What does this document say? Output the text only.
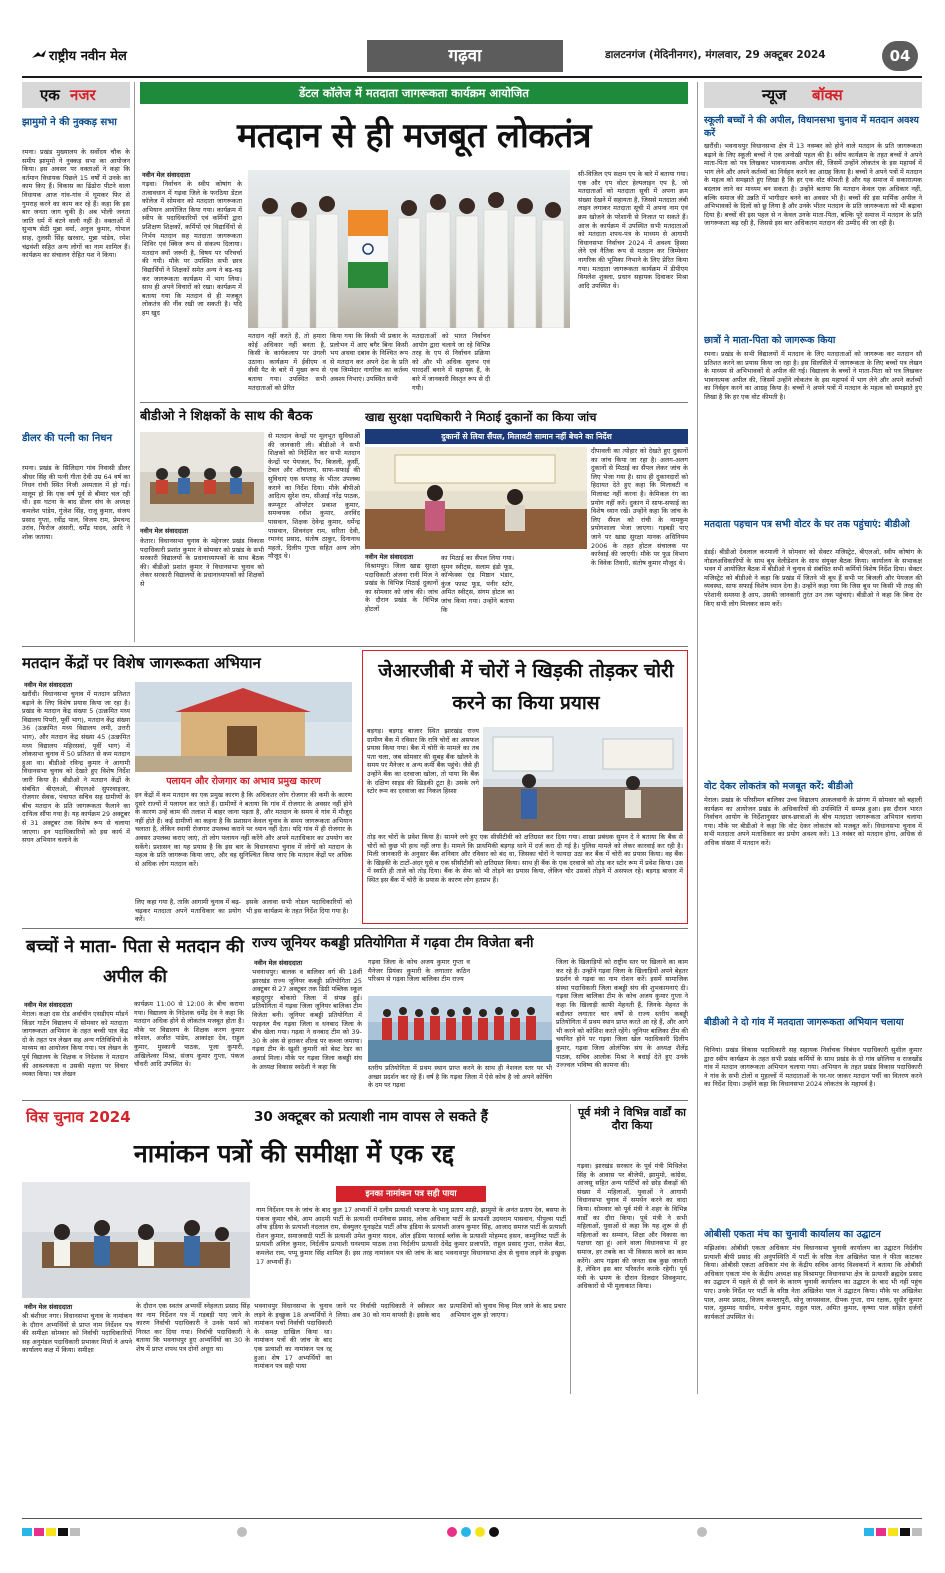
राष्ट्रीय नवीन मेल	गढ़वा	डालटनगंज (मेदिनीनगर), मंगलवार, 29 अक्टूबर 2024	04
एक नजर
झामुमो ने की नुक्कड़ सभा
रमना। प्रखंड मुख्यालय के सर्वोदय चौक के समीप झामुमो ने नुक्कड़ सभा का आयोजन किया। इस अवसर पर वक्ताओं ने कहा कि वर्तमान विधायक पिछले 15 वर्षों में उनके का काम किए हैं। विकास का ढिंढोरा पीटने वाला विधायक आज गांव-गांव में घूमकर फिर से गुमराह करने का काम कर रहे हैं। कहा कि इस बार जनता जाग चुकी है। अब भोली जनता जाति धर्म में बंटने वाली नहीं है। वक्ताओं में सुभाष सेठी मुन्ना वर्मा, अनुज कुमार, गोपाल साह, तुलसी सिंह खरवार, मुन्ना पांडेय, रमेश चंद्रवंशी सहित अन्य लोगों का नाम शामिल हैं। कार्यक्रम का संचालन रोहित यश ने किया।
डीलर की पत्नी का निधन
रमना। प्रखंड के सिलिदाग गांव निवासी डीलर श्रीधर सिंह की पत्नी गीता देवी उम्र 64 वर्ष का निधन रांची स्थित निजी अस्पताल में हो गई। मालूम हो कि एक वर्ष पूर्व से बीमार चल रही थी। इस घटना के बाद डीलर संघ के अध्यक्ष कमलेश पांडेय, गुंजेश सिंह, राजू कुमार, संजय प्रसाद गुप्ता, रवींद्र पाल, विजय राम, प्रेमचन्द उरांव, फिरोज अंसारी, धर्मेंद्र यादव, आदि ने शोक जताया।
डेंटल कॉलेज में मतदाता जागरूकता कार्यक्रम आयोजित
मतदान से ही मजबूत लोकतंत्र
नवीन मेल संवाददाता
गढ़वा। निर्वाचन के स्वीप कोषांग के तत्वावधान में गढ़वा जिले के फरठिया डेंटल कॉलेज में सोमवार को मतदाता जागरूकता अभियान आयोजित किया गया। कार्यक्रम में स्वीप के पदाधिकारियों एवं कर्मियों द्वारा प्रशिक्षण शिक्षकों, कर्मियों एवं विद्यार्थियों से निर्भय मतदान सह मतदाता जागरूकता शिविर एवं क्विज रूप से संकल्प दिलाया। मतदान क्यों जरूरी है, विषय पर परिचर्चा की गयी। मौके पर उपस्थित सभी छात्र विद्यार्थियों ने शिक्षकों समेत अन्य ने बढ़-चढ़ कर जागरूकता कार्यक्रम में भाग लिया। साथ ही अपने विचारों को रखा। कार्यक्रम में बताया गया कि मतदान से ही मजबूत लोकतंत्र की नींव रखी जा सकती है। यदि हम खुद
मतदान नहीं करते हैं, तो हमारा कोई अधिकार नहीं बनता है, किसी के कार्यकलाप पर उंगली उठाना। कार्यक्रम में ईवीएम व वीवी पैट के बारे में मुख्य रूप से बताया गया। उपस्थित सभी मतदाताओं को प्रेरित
किया गया कि किसी भी प्रकार के प्रलोभन में आए बगैर बिना किसी भय अथवा दबाव के निश्चित रूप से मतदान कर अपने देश के प्रति एक जिम्मेदार नागरिक का कर्तव्य अवश्य निभाएं। उपस्थित सभी
मतदाताओं को भारत निर्वाचन आयोग द्वारा चलाये जा रहे विभिन्न तरह के एप से निर्वाचन प्रक्रिया को और भी अधिक सुलभ एवं पारदर्शी बनाने में सहायक हैं, के बारे में जानकारी विस्तृत रूप से दी गयी।
सी-विजिल एप सक्षम एप के बारे में बताया गया। एक और एप वोटर हेल्पलाइन एप है, जो मतदाताओं को मतदाता सूची में अपना क्रम संख्या देखने में सहायता है, जिससे मतदाता लंबी लाइन लगाकर मतदाता सूची में अपना नाम एवं क्रम खोजने के परेशानी से निजात पा सकते हैं। आज के कार्यक्रम में उपस्थित सभी मतदाताओं को मतदाता शपथ-पत्र के माध्यम से आगामी विधानसभा निर्वाचन 2024 में अवश्य हिस्सा लेने एवं नैतिक रूप से मतदान कर जिम्मेवार नागरिक की भूमिका निभाने के लिए प्रेरित किया गया। मतदाता जागरूकता कार्यक्रम में डीपीएम विमलेश शुक्ला, प्रधान सहायक दिवाकर मिश्रा आदि उपस्थित थे।
बीडीओ ने शिक्षकों के साथ की बैठक
नवीन मेल संवाददाता
केतार। विधानसभा चुनाव के मद्देनजर प्रखंड विकास पदाधिकारी प्रशांत कुमार ने सोमवार को प्रखंड के सभी सरकारी विद्यालयों के प्रधानाध्यापकों के साथ बैठक की। बीडीओ प्रशांत कुमार ने विधानसभा चुनाव को लेकर सरकारी विद्यालयों के प्रधानाध्यापकों को शिक्षकों से
से मतदान केन्द्रों पर मूलभूत सुविधाओं की जानकारी ली। बीडीओ ने सभी शिक्षकों को निर्देशित कर सभी मतदान केन्द्रों पर पेयजल, रैंप, बिजली, कुर्सी, टेबल और शौचालय, साफ-सफाई की सुविधाएं एक सप्ताह के भीतर उपलब्ध कराने का निर्देश दिया। मौके बीपीओ आदित्य सुरेश राम, सीआई नरेंद्र पाठक, कम्प्यूटर ऑपरेटर प्रकाश कुमार, समन्वयक रवीश कुमार, अरविंद पासवान, शिक्षक देवेन्द्र कुमार, धर्मेन्द्र पासवान, शिवनंदन राम, सरिता देवी, रमानंद प्रसाद, संतोष ठाकुर, दिनानाथ महतो, दिलीप गुप्ता सहित अन्य लोग मौजूद थे।
खाद्य सुरक्षा पदाधिकारी ने मिठाई दुकानों का किया जांच
दुकानों से लिया सैंपल, मिलावटी सामान नहीं बेचने का निर्देश
नवीन मेल संवाददाता
विश्रामपुर। जिला खाद्य सुरक्षा पदाधिकारी अंजना रानी मिंज ने प्रखंड के विभिन्न मिठाई दुकानों का सोमवार को जांच की। जांच के दौरान प्रखंड के विभिन्न होटलों
का मिठाई का सैंपल लिया गया। सुमन स्वीट्स, सलाम इंडो फूड, कॉन्फेक्स एंड मिष्ठान भंडार, कुंज फास्ट फूड, पनीर स्टोर, अमित स्वीट्स, संगम होटल का जांच किया गया। उन्होंने बताया कि
दीपावली का त्योहार को देखते हुए दुकानों का जांच किया जा रहा है। अलग-अलग दुकानों से मिठाई का सैंपल लेकर जांच के लिए भेजा गया है। साथ ही दुकानदारों को हिदायत देते हुए कहा कि मिलावटी व मिलावट नहीं करना है। केमिकल रंग का प्रयोग नहीं करें। दुकान में साफ-सफाई का विशेष ध्यान रखें। उन्होंने कहा कि जांच के लिए सैंपल को रांची के नामकुम प्रयोगशाला भेजा जाएगा। गड़बड़ी पाए जाने पर खाद्य सुरक्षा मानक अधिनियम 2006 के तहत होटल संचालक पर कार्रवाई की जाएगी। मौके पर फूड विभाग के विवेक तिवारी, संतोष कुमार मौजूद थे।
मतदान केंद्रों पर विशेष जागरूकता अभियान
नवीन मेल संवाददाता
खरौंधी। विधानसभा चुनाव में मतदान प्रतिशत बढ़ाने के लिए विशेष प्रयास किया जा रहा है। प्रखंड के मतदान केंद्र संख्या 5 (उत्क्रमित मध्य विद्यालय पिपरी, पूर्वी भाग), मतदान केंद्र संख्या 36 (उत्क्रमित मध्य विद्यालय लमी, उत्तरी भाग), और मतदान केंद्र संख्या 45 (उत्क्रमित मध्य विद्यालय महिरसवां, पूर्वी भाग) में लोकसभा चुनाव में 50 प्रतिशत से कम मतदान हुआ था। बीडीओ रविन्द्र कुमार ने आगामी विधानसभा चुनाव को देखते हुए विशेष निर्देश जारी किया है। बीडीओ ने मतदान केंद्रों के संबंधित बीएलओ, बीएलओ सुपरवाइजर, रोजगार सेवक, पंचायत सचिव सह ग्रामीणों के बीच मतदान के प्रति जागरूकता फैलाने का दायित्व सौंपा गया है। यह कार्यक्रम 29 अक्टूबर से 31 अक्टूबर तक विशेष रूप से चलाया जाएगा। इन पदाधिकारियों को इस कार्य में सघन अभियान चलाने के
पलायन और रोजगार का अभाव प्रमुख कारण
इन केंद्रों में कम मतदान का एक प्रमुख कारण है कि अधिकतर लोग रोजगार की कमी के कारण दूसरे राज्यों में पलायन कर जाते हैं। ग्रामीणों ने बताया कि गांव में रोजगार के अवसर नहीं होने के कारण उन्हें काम की तलाश में बाहर जाना पड़ता है, और मतदान के समय वे गांव में मौजूद नहीं होते हैं। कई ग्रामीणों का कहना है कि प्रशासन केवल चुनाव के समय जागरूकता अभियान चलाता है, लेकिन स्थायी रोजगार उपलब्ध कराने पर ध्यान नहीं देता। यदि गांव में ही रोजगार के अवसर उपलब्ध कराए जाएं, तो लोग पलायन नहीं करेंगे और अपने मताधिकार का उपयोग कर सकेंगे। प्रशासन का यह प्रयास है कि इस बार के विधानसभा चुनाव में लोगों को मतदान के महत्व के प्रति जागरूक किया जाए, और वह सुनिश्चित किया जाए कि मतदान केंद्रों पर अधिक से अधिक लोग मतदान करें।
लिए कहा गया है, ताकि आगामी चुनाव में बढ़-चढ़कर मतदाता अपने मताधिकार का प्रयोग करें।
इसके अलावा सभी नोडल पदाधिकारियों को भी इस कार्यक्रम के तहत निर्देश दिया गया है।
जेआरजीबी में चोरों ने खिड़की तोड़कर चोरी करने का किया प्रयास
बड़गड़। बड़गड़ बाजार स्थित झारखंड राज्य ग्रामीण बैंक में रविवार कि रात्रि चोरों का असफल प्रयास किया गया। बैंक में चोरी के मामले का तब पता चला, जब सोमवार की सुबह बैंक खोलने के समय पर मैनेजर व अन्य कर्मी बैंक पहुंचे। जैसे ही उन्होंने बैंक का दरवाजा खोला, तो पाया कि बैंक के दक्षिण साइड की खिड़की टूटा है। उसके लगे स्टोर रूम का दरवाजा का निकल हिस्सा
तोड़ कर चोरों के प्रवेश किया है। सामने लगे हुए एक सीसीटीवी को क्षतिग्रस्त कर दिया गया। शाखा प्रबंधक सुमन दे ने बताया कि बैंक से चोरों को कुछ भी हाथ नहीं लगा है। मामले कि प्राथमिकी बड़गड़ थाने में दर्ज करा दी गई है। पुलिस मामले को लेकर कारवाई कर रही है। मिली जानकारी के अनुसार बैंक शनिवार और रविवार को बंद था, जिसका चोरों ने फायदा उठा कर बैंक में चोरी का प्रयास किया। वह बैंक के खिड़की के टाटों-अंदर घुसे व एक सीसीटीवी को क्षतिग्रस्त किया। साथ ही बैंक के एक दरवाजे को तोड़ कर स्टोर रूम में प्रवेश किया। उस में स्वाति ही ताले को तोड़ दिया। बैंक के सेफ को भी तोड़ने का प्रयास किया, लेकिन चोर उसको तोड़ने में असफल रहे। बड़गड़ बाजार में स्थित इस बैंक में चोरी के प्रयास के कारण लोग हतप्रभ हैं।
बच्चों ने माता- पिता से मतदान की अपील की
नवीन मेल संवाददाता
मेराल। कक्षा दस रोड अर्वाचीन एसडीएम मॉडर्न किंडर गार्टेन विद्यालय में सोमवार को मतदाता जागरूकता अभियान के तहत बच्ची पात्र केंद्र दो के तहत पत्र लेखन सह अन्य गतिविधियों के माध्यम का आयोजन किया गया। पत्र लेखन के पूर्व विद्यालय के शिक्षक व निदेशक ने मतदान की आवश्यकता व उसकी महत्ता पर विचार व्यक्त किया। पत्र लेखन
कार्यक्रम 11:00 से 12:00 के बीच कराया गया। विद्यालय के निदेशक धर्मेंद्र देव ने कहा कि मतदान अधिक होने से लोकतंत्र मजबूत होता है। मौके पर विद्यालय के शिक्षक करण कुमार कोशल, अजीत पांडेय, आकांक्षा देव, राहुल कुमार, मुस्कानी पाठक, पूजा कुमारी, अखिलेश्वर मिश्रा, संजय कुमार गुप्ता, पंकज चौधरी आदि उपस्थित थे।
राज्य जूनियर कबड्डी प्रतियोगिता में गढ़वा टीम विजेता बनी
नवीन मेल संवाददाता
भवनाथपुर। बालक व बालिका वर्ग की 18वीं झारखंड राज्य जूनियर कबड्डी प्रतियोगिता 25 अक्टूबर से 27 अक्टूबर तक डिग्री पब्लिक स्कूल बहादुरपुर बोकारो जिला में संपन्न हुई। प्रतियोगिता में गढ़वा जिला जूनियर बालिका टीम विजेता बनी। जूनियर कबड्डी प्रतियोगिता में फाइनल मैच गढ़वा जिला व धनबाद जिला के बीच खेला गया। गढ़वा ने धनबाद टीम को 39-30 के अंक से हराकर शील्ड पर कब्जा जमाया। गढ़वा टीम के खुशी कुमारी को बेस्ट रेडर का अवार्ड मिला। मौके पर गढ़वा जिला कबड्डी संघ के अध्यक्ष विकास स्वदेशी ने कहा कि
गढ़वा जिला के कोच अजय कुमार गुप्ता व मैनेजर प्रियंका कुमारी के लगातार कठिन परिश्रम से गढ़वा जिला बालिका टीम राज्य
स्तरीय प्रतियोगिता में प्रथम स्थान प्राप्त करने के साथ ही नेशनल स्तर पर भी अच्छा प्रदर्शन कर रहे हैं। वर्ष है कि गढ़वा जिला में ऐसे कोच है जो अपने कोचिंग के दम पर गढ़वा
जिला के खिलाड़ियों को राष्ट्रीय स्तर पर खिलाने का काम कर रहे हैं। उन्होंने गढ़वा जिला के खिलाड़ियों अपने बेहतर प्रदर्शन से गढ़वा का नाम रोशन करें। इसमें सामाजिक संस्था पदाधिकारी जिला कबड्डी संघ की शुभकामनाएं दी। गढ़वा जिला बालिका टीम के कोच अजय कुमार गुप्ता ने कहा कि खिलाड़ी काफी मेहनती हैं, जिनके मेहनत के बदौलत लगातार चार वर्षों से राज्य स्तरीय कबड्डी प्रतियोगिता में प्रथम स्थान प्राप्त करते आ रहे हैं, और आगे भी करने को कोशिश करते रहेंगे। जूनियर बालिका टीम की चयनित होने पर गढ़वा जिला खेल पदाधिकारी दिलीप कुमार, गढ़वा जिला ओलंपिक संघ के अध्यक्ष शैलेंद्र पाठक, सचिव आलोक मिश्रा ने बधाई देते हुए उनके उज्ज्वल भविष्य की कामना की।
विस चुनाव 2024	30 अक्टूबर को प्रत्याशी नाम वापस ले सकते हैं
नामांकन पत्रों की समीक्षा में एक रद्द
नवीन मेल संवाददाता
श्री बंशीधर नगर। विधानसभा चुनाव के नामांकन के दौरान अभ्यर्थियों से प्राप्त नाम निर्देशन पत्र की समीक्षा सोमवार को निर्वाची पदाधिकारियों सह अनुमंडल पदाधिकारी प्रभाकर मिर्धा ने अपने कार्यालय कक्ष में किया। समीक्षा
के दौरान एक स्वतंत्र अभ्यर्थी स्नेहलता प्रसाद सिंह का नाम निर्देशन पत्र में गड़बड़ी पाए जाने के कारण निर्वाची पदाधिकारी ने उनके फार्म को निरस्त कर दिया गया। निर्वाची पदाधिकारी ने बताया कि भवनाथपुर हुए अभ्यर्थियों का 30 के शेष में प्राप्त शपथ पत्र दोनों अधूरा था।
भवनाथपुर विधानसभा के चुनाव लड़ने के इच्छुक 18 अभ्यर्थियों ने नामांकन पर्चा निर्वाची पदाधिकारी के समक्ष दाखिल किया था। नामांकन पत्रों की जांच के बाद एक प्रत्याशी का नामांकन पत्र रद्द हुआ। शेष 17 अभ्यर्थियों का नामांकन पत्र सही पाया
इनका नामांकन पत्र सही पाया
नाम निर्देशन पत्र के जांच के बाद कुल 17 अभ्यर्थी में दलीय प्रत्याशी भाजपा के भानु प्रताप शाही, झामुमो के अनंत प्रताप देव, बसपा के पंकज कुमार चौबे, आम आदमी पार्टी के प्रत्याशी रामनिवास प्रसाद, लोक अधिकार पार्टी के प्रत्याशी उदयराम पासवान, पीपुल्स पार्टी ऑफ इंडिया के प्रत्याशी नंदलाल राम, सेक्युलर यूनाइटेड पार्टी ऑफ इंडिया के प्रत्याशी अजय कुमार सिंह, आजाद समाज पार्टी के प्रत्याशी रोशन कुमार, समाजवादी पार्टी के प्रत्याशी उमेश कुमार यादव, ऑल इंडिया फारवर्ड ब्लॉक के प्रत्याशी मोहम्मद हसन, कम्युनिस्ट पार्टी के प्रत्याशी अनिल कुमार, निर्दलीय प्रत्याशी घनश्याम पाठक तथा निर्दलीय प्रत्याशी देवेंद्र कुमार प्रजापति, राहुल प्रसाद गुप्ता, राजेश बैठा, कमलेश राम, पप्पू कुमार सिंह शामिल हैं। इस तरह नामांकन पत्र की जांच के बाद भवनाथपुर विधानसभा क्षेत्र से चुनाव लड़ने के इच्छुक 17 अभ्यर्थी हैं।
जाने पर निर्वाची पदाधिकारी ने स्वीकार कर लिया। अब 30 को नाम वापसी है। इसके बाद
प्रत्याशियों को चुनाव चिन्ह मिल जाने के बाद प्रचार अभियान शुरू हो जाएगा।
पूर्व मंत्री ने विभिन्न वार्डों का दौरा किया
गढ़वा। झारखंड सरकार के पूर्व मंत्री मिथिलेश सिंह के आवास पर बीजेपी, झामुमो, कांग्रेस, आजसू सहित अन्य पार्टियों को छोड़ सैकड़ों की संख्या में महिलाओं, युवाओं ने आगामी विधानसभा चुनाव में समर्थन करने का वादा किया। सोमवार को पूर्व मंत्री ने शहर के विभिन्न वार्डों का दौरा किया। पूर्व मंत्री ने सभी महिलाओं, युवाओं से कहा कि यह शुरू से ही महिलाओं का सम्मान, शिक्षा और विकास का पक्षधर रहा हूं। आने वाला विधानसभा में हर समाज, हर तबके का भी विकास करने का काम करेंगे। आप गढ़वा की जनता सब कुछ जानती है, लेकिन इस बार परिवर्तन करके रहेगी। पूर्व मंत्री के भ्रमण के दौरान दिलदार शिवकुमार, अधिकारों से भी मुलाकात किया।
न्यूज बॉक्स
स्कूली बच्चों ने की अपील, विधानसभा चुनाव में मतदान अवश्य करें
खरौंधी। भवनाथपुर विधानसभा क्षेत्र में 13 नवम्बर को होने वाले मतदान के प्रति जागरूकता बढ़ाने के लिए स्कूली बच्चों ने एक अनोखी पहल की है। स्वीप कार्यक्रम के तहत बच्चों ने अपने माता-पिता को पत्र लिखकर भावनात्मक अपील की, जिसमें उन्होंने लोकतंत्र के इस महापर्व में भाग लेने और अपने कर्तव्यों का निर्वहन करने का आग्रह किया है। बच्चों ने अपने पत्रों में मतदान के महत्व को समझाते हुए लिखा है कि हर एक वोट कीमती है और यह समाज में सकारात्मक बदलाव लाने का माध्यम बन सकता है। उन्होंने बताया कि मतदान केवल एक अधिकार नहीं, बल्कि समाज की उन्नति में भागीदार बनने का अवसर भी है। बच्चों की इस मार्मिक अपील ने अभिभावकों के दिलों को छू लिया है और उनके भीतर मतदान के प्रति जागरूकता को भी बढ़ावा दिया है। बच्चों की इस पहल से न केवल उनके माता-पिता, बल्कि पूरे समाज में मतदान के प्रति जागरूकता बढ़ रही है, जिससे इस बार अधिकतम मतदान की उम्मीद की जा रही है।
छात्रों ने माता-पिता को जागरूक किया
रमना। प्रखंड के सभी विद्यालयों में मतदान के लिए मतदाताओं को जागरूक कर मतदान सौ प्रतिशत करने का प्रयास किया जा रहा है। इस सिलसिले में जागरूकता के लिए बच्चों पत्र लेखन के माध्यम से अभिभावकों से अपील की गई। विद्यालय के बच्चों ने माता-पिता को पत्र लिखकर भावनात्मक अपील की, जिसमें उन्होंने लोकतंत्र के इस महापर्व में भाग लेने और अपने कर्तव्यों का निर्वहन करने का आग्रह किया है। बच्चों ने अपने पत्रों में मतदान के महत्व को समझाते हुए लिखा है कि हर एक वोट कीमती है।
मतदाता पहचान पत्र सभी वोटर के घर तक पहुंचाएं: बीडीओ
डंडई। बीडीओ देवलाल करमाली ने सोमवार को सेक्टर मजिस्ट्रेट, बीएलओ, स्वीप कोषांग के नोडलअधिकारियों के साथ बूथ वेलीडेशन के साथ संयुक्त बैठक किया। कार्यालय के सभाकक्ष भवन में आयोजित बैठक में बीडीओ ने चुनाव से संबंधित सभी कर्मियों विशेष निर्देश दिया। सेक्टर मजिस्ट्रेट को बीडीओ ने कहा कि प्रखंड में जितने भी बूथ हैं सभी पर बिजली और पेयजल की व्यवस्था, साफ सफाई विशेष ध्यान देना है। उन्होंने कहा गया कि जिस बूथ पर किसी भी तरह की परेशानी समस्या है आप, उसकी जानकारी तुरंत उन तक पहुंचाएं। बीडीओ ने कहा कि बिना देर किए सभी लोग मिलकर काम करें।
वोट देकर लोकतंत्र को मजबूत करें: बीडीओ
मेराल। प्रखंड के परिसीमन बालिका उच्च विद्यालय आकलवानी के प्रांगण में सोमवार को बहाली कार्यक्रम का आयोजन प्रखंड के अधिकारियों की उपस्थिति में सम्पन्न हुआ। इस दौरान भारत निर्वाचन आयोग के निर्देशानुसार छात्र-छात्राओं के बीच मतदाता जागरूकता अभियान चलाया गया। मौके पर बीडीओ ने कहा कि वोट देकर लोकतंत्र को मजबूत करें। विधानसभा चुनाव में सभी मतदाता अपने मताधिकार का प्रयोग अवश्य करें। 13 नवंबर को मतदान होगा, अधिक से अधिक संख्या में मतदान करें।
बीडीओ ने दो गांव में मतदाता जागरूकता अभियान चलाया
चिनियां। प्रखंड विकास पदाधिकारी सह सहायक निर्वाचक निबंधन पदाधिकारी सुशील कुमार द्वारा स्वीप कार्यक्रम के तहत सभी प्रखंड कर्मियों के साथ प्रखंड के दो गांव छोलिया व राजखोंड गांव में मतदान जागरूकता अभियान चलाया गया। अभियान के तहत प्रखंड विकास पदाधिकारी ने गांव के सभी टोलों व मुहल्लों में मतदाताओं के घर-घर जाकर मतदान पर्ची का वितरण करने का निर्देश दिया। उन्होंने कहा कि विधानसभा 2024 लोकतंत्र के महापर्व है।
ओबीसी एकता मंच का चुनावी कार्यालय का उद्घाटन
मझिआंव। ओबीसी एकता अधिकार मंच विधानसभा चुनावी कार्यालय का उद्घाटन निर्दलीय प्रत्याशी बीपी प्रसाद की अनुपस्थिति में पार्टी के वरिष्ठ नेता अखिलेश पाल ने फीता काटकर किया। ओबीसी एकता अधिकार मंच के केंद्रीय सचिव आनंद विश्वकर्मा ने बताया कि ओबीसी अधिकार एकता मंच के केंद्रीय अध्यक्ष सह विश्रामपुर विधानसभा क्षेत्र के प्रत्याशी ब्रह्मदेव प्रसाद का उद्घाटन में पहले से ही जाने के कारण चुनावी कार्यालय का उद्घाटन के बाद भी नहीं पहुंच पाए। उनके निर्देश पर पार्टी के वरिष्ठ नेता अखिलेश पाल ने उद्घाटन किया। मौके पर अखिलेश पाल, अमर प्रसाद, विजय कमलापुरी, सोनू जायसवाल, दीपक गुप्ता, राम रक्षक, सुधीर कुमार पाल, मुहम्मद यासीन, मनोज कुमार, राहुल पाल, अमित कुमार, कृष्णा पाल सहित दर्जनों कार्यकर्ता उपस्थित थे।
